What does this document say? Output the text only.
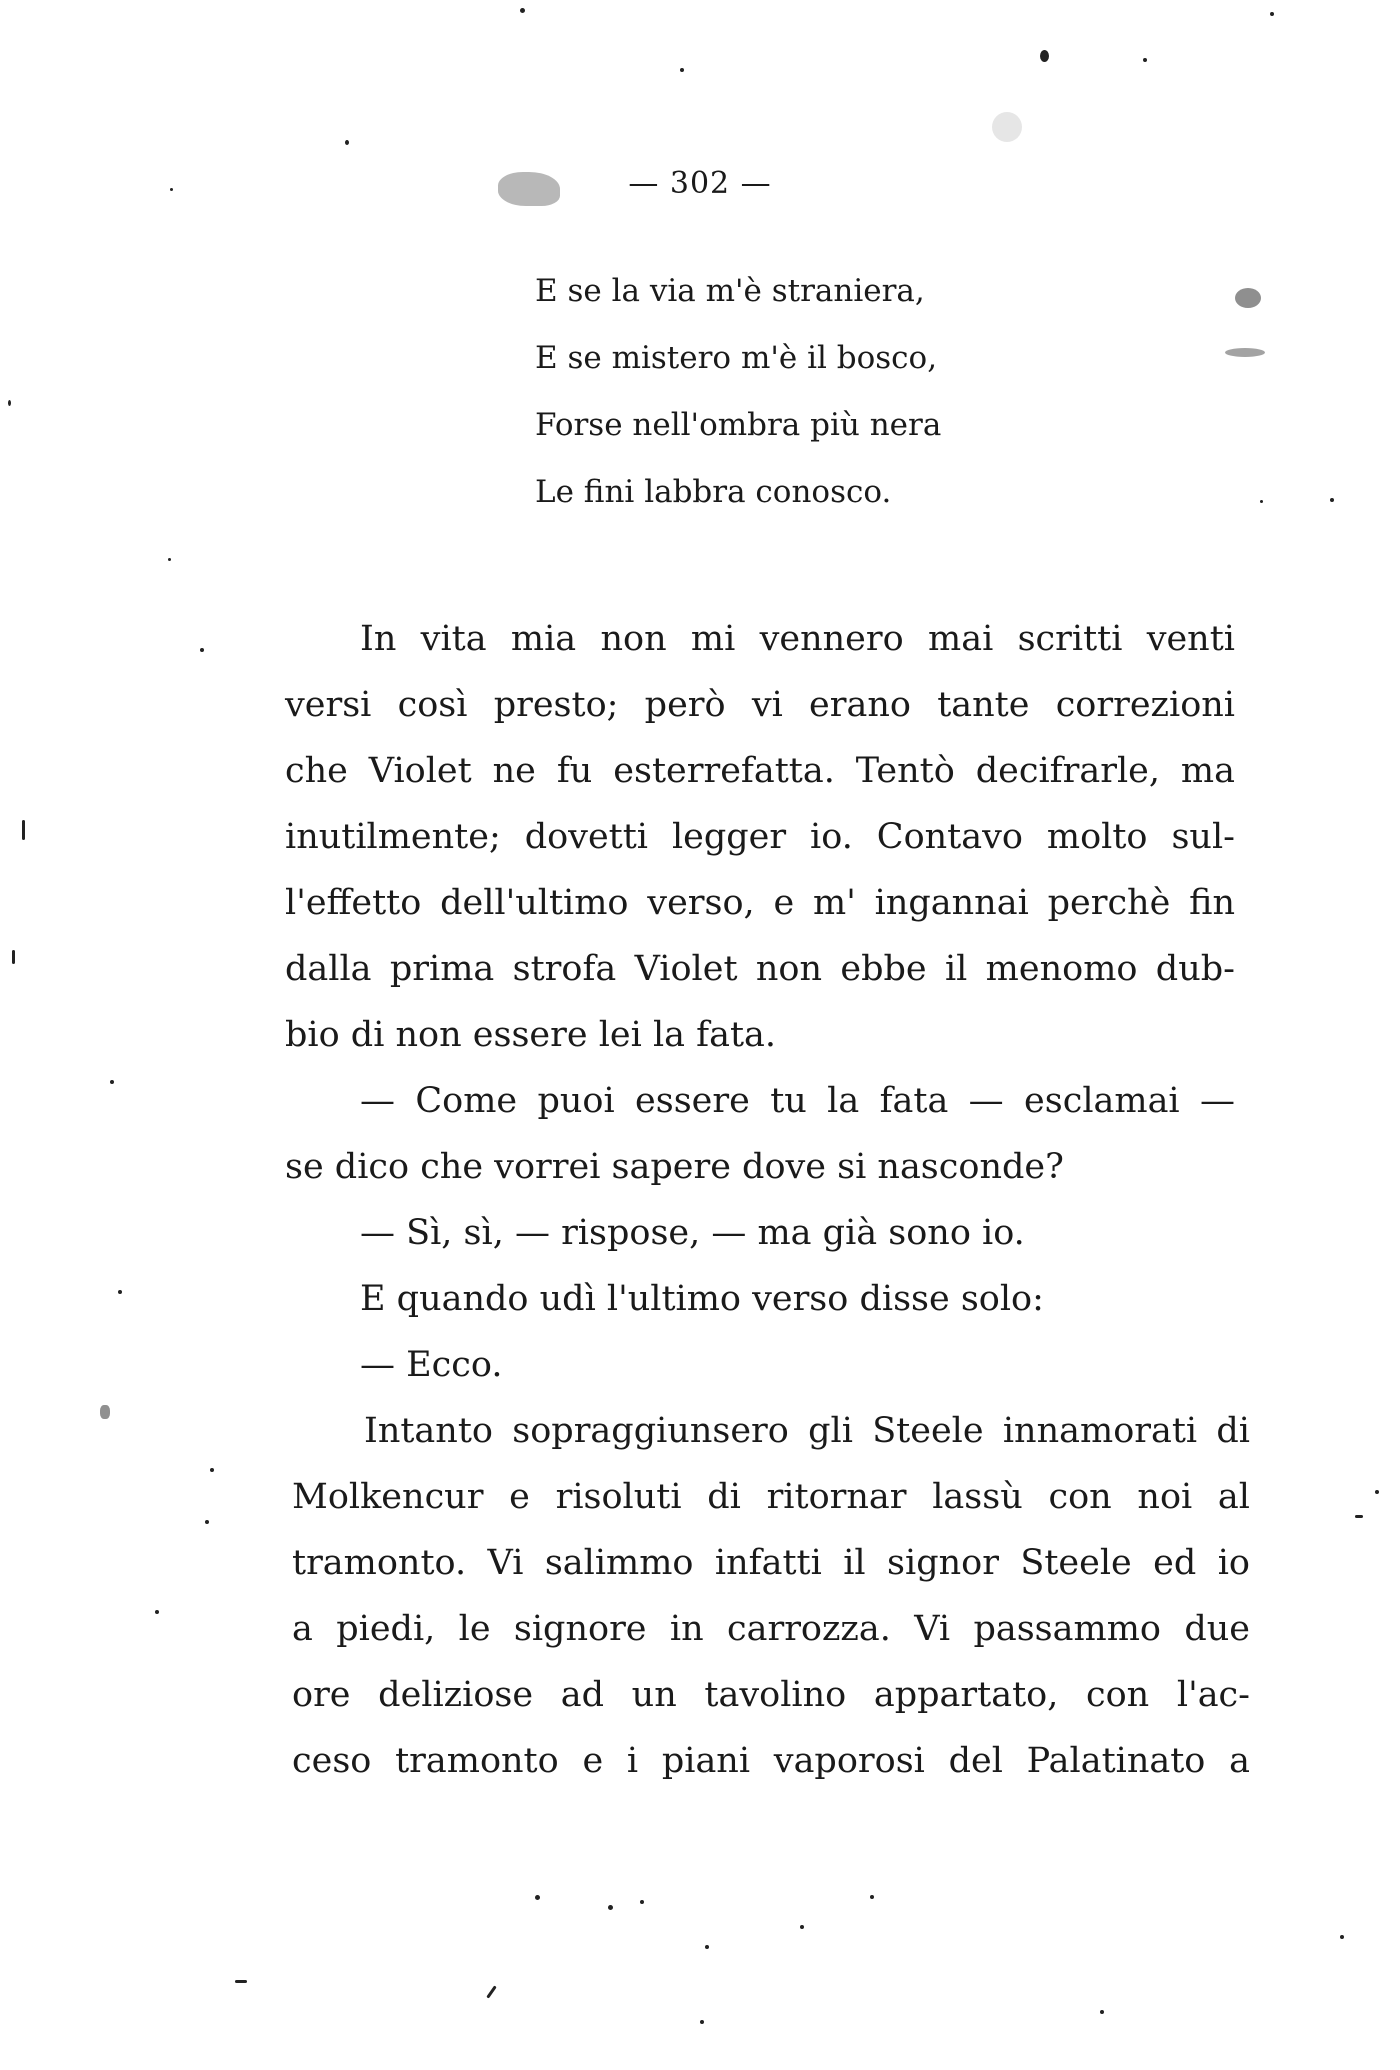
— 302 —
E se la via m'è straniera,
E se mistero m'è il bosco,
Forse nell'ombra più nera
Le fini labbra conosco.
In vita mia non mi vennero mai scritti venti
versi così presto; però vi erano tante correzioni
che Violet ne fu esterrefatta. Tentò decifrarle, ma
inutilmente; dovetti legger io. Contavo molto sul-
l'effetto dell'ultimo verso, e m' ingannai perchè fin
dalla prima strofa Violet non ebbe il menomo dub-
bio di non essere lei la fata.
— Come puoi essere tu la fata — esclamai —
se dico che vorrei sapere dove si nasconde?
— Sì, sì, — rispose, — ma già sono io.
E quando udì l'ultimo verso disse solo:
— Ecco.
Intanto sopraggiunsero gli Steele innamorati di
Molkencur e risoluti di ritornar lassù con noi al
tramonto. Vi salimmo infatti il signor Steele ed io
a piedi, le signore in carrozza. Vi passammo due
ore deliziose ad un tavolino appartato, con l'ac-
ceso tramonto e i piani vaporosi del Palatinato a
